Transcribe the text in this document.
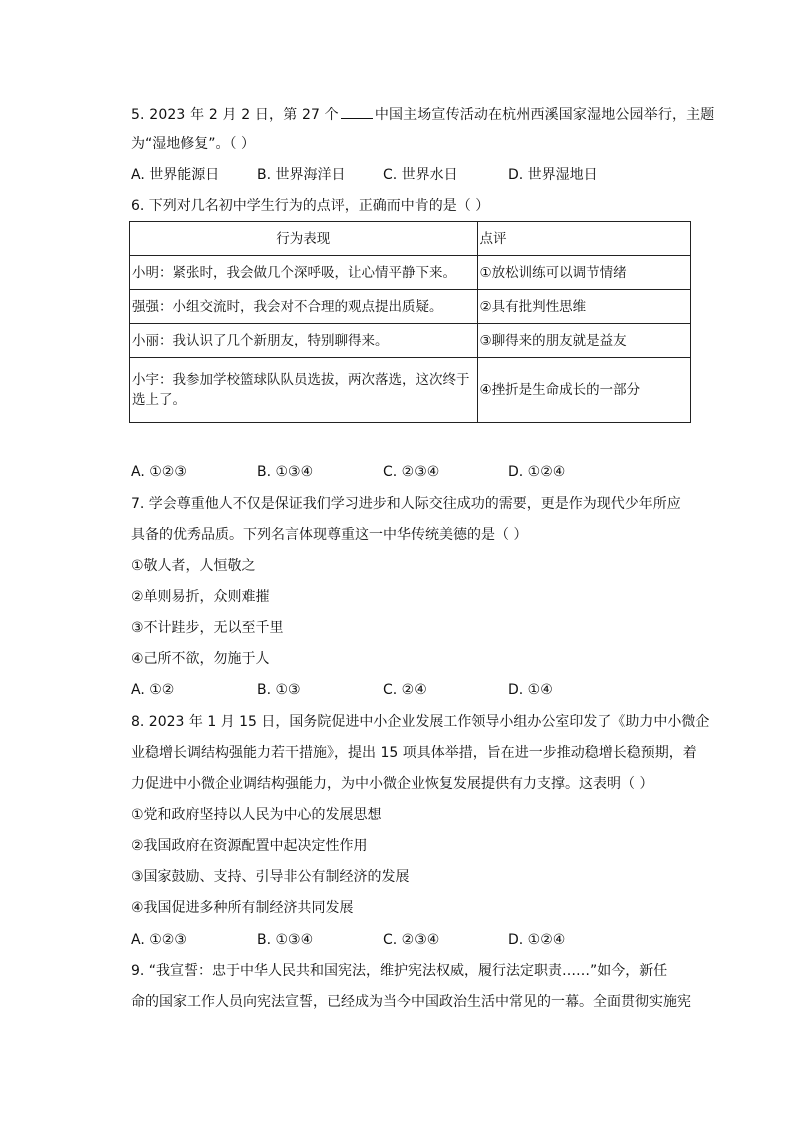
5. 2023 年 2 月 2 日，第 27 个	中国主场宣传活动在杭州西溪国家湿地公园举行，主题
为“湿地修复”。（ ）
A. 世界能源日	B. 世界海洋日	C. 世界水日	D. 世界湿地日
6. 下列对几名初中学生行为的点评，正确而中肯的是（ ）
行为表现	点评
小明：紧张时，我会做几个深呼吸，让心情平静下来。	①放松训练可以调节情绪
强强：小组交流时，我会对不合理的观点提出质疑。	②具有批判性思维
小丽：我认识了几个新朋友，特别聊得来。	③聊得来的朋友就是益友
小宇：我参加学校篮球队队员选拔，两次落选，这次终于选上了。	④挫折是生命成长的一部分
A. ①②③	B. ①③④	C. ②③④	D. ①②④
7. 学会尊重他人不仅是保证我们学习进步和人际交往成功的需要，更是作为现代少年所应
具备的优秀品质。下列名言体现尊重这一中华传统美德的是（ ）
①敬人者，人恒敬之
②单则易折，众则难摧
③不计跬步，无以至千里
④己所不欲，勿施于人
A. ①②	B. ①③	C. ②④	D. ①④
8. 2023 年 1 月 15 日，国务院促进中小企业发展工作领导小组办公室印发了《助力中小微企
业稳增长调结构强能力若干措施》，提出 15 项具体举措，旨在进一步推动稳增长稳预期，着
力促进中小微企业调结构强能力，为中小微企业恢复发展提供有力支撑。这表明（ ）
①党和政府坚持以人民为中心的发展思想
②我国政府在资源配置中起决定性作用
③国家鼓励、支持、引导非公有制经济的发展
④我国促进多种所有制经济共同发展
A. ①②③	B. ①③④	C. ②③④	D. ①②④
9. “我宣誓：忠于中华人民共和国宪法，维护宪法权威，履行法定职责……”如今，新任
命的国家工作人员向宪法宣誓，已经成为当今中国政治生活中常见的一幕。全面贯彻实施宪
